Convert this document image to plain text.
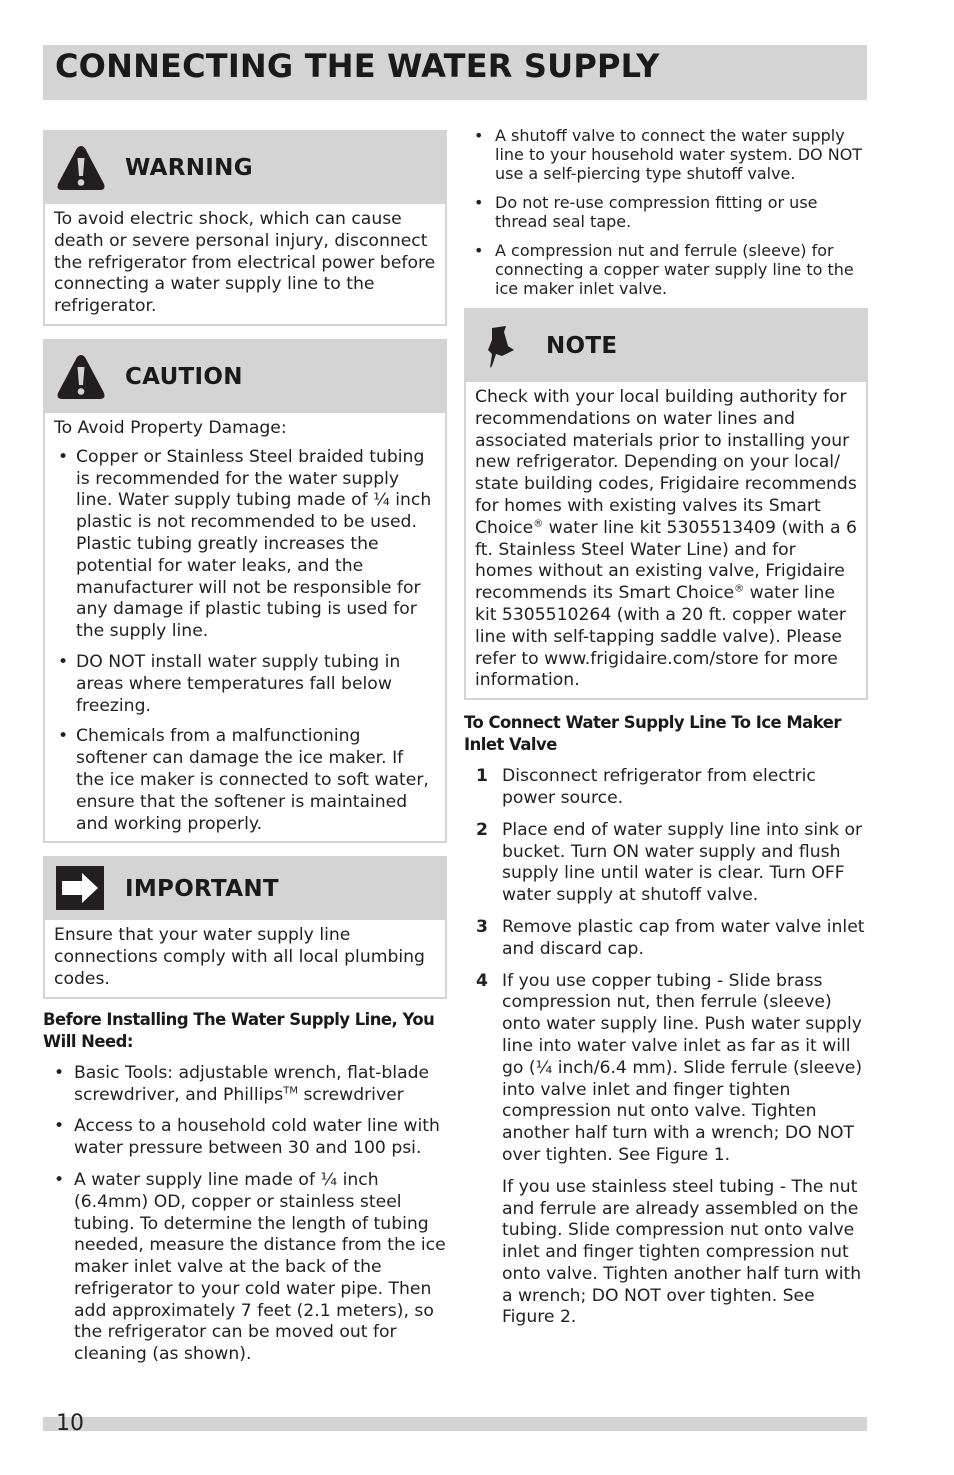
CONNECTING THE WATER SUPPLY
WARNING

To avoid electric shock, which can cause death or severe personal injury, disconnect the refrigerator from electrical power before connecting a water supply line to the refrigerator.

CAUTION

To Avoid Property Damage:

• Copper or Stainless Steel braided tubing is recommended for the water supply line. Water supply tubing made of ¼ inch plastic is not recommended to be used. Plastic tubing greatly increases the potential for water leaks, and the manufacturer will not be responsible for any damage if plastic tubing is used for the supply line.
• DO NOT install water supply tubing in areas where temperatures fall below freezing.
• Chemicals from a malfunctioning softener can damage the ice maker. If the ice maker is connected to soft water, ensure that the softener is maintained and working properly.
IMPORTANT

Ensure that your water supply line connections comply with all local plumbing codes.

Before Installing The Water Supply Line, You Will Need:
• Basic Tools: adjustable wrench, flat-blade screwdriver, and Phillips™ screwdriver
• Access to a household cold water line with water pressure between 30 and 100 psi.
• A water supply line made of ¼ inch (6.4mm) OD, copper or stainless steel tubing. To determine the length of tubing needed, measure the distance from the ice maker inlet valve at the back of the refrigerator to your cold water pipe. Then add approximately 7 feet (2.1 meters), so the refrigerator can be moved out for cleaning (as shown).
• A shutoff valve to connect the water supply line to your household water system. DO NOT use a self-piercing type shutoff valve.
• Do not re-use compression fitting or use thread seal tape.
• A compression nut and ferrule (sleeve) for connecting a copper water supply line to the ice maker inlet valve.
NOTE

Check with your local building authority for recommendations on water lines and associated materials prior to installing your new refrigerator. Depending on your local/ state building codes, Frigidaire recommends for homes with existing valves its Smart Choice® water line kit 5305513409 (with a 6 ft. Stainless Steel Water Line) and for homes without an existing valve, Frigidaire recommends its Smart Choice® water line kit 5305510264 (with a 20 ft. copper water line with self-tapping saddle valve). Please refer to www.frigidaire.com/store for more information.

To Connect Water Supply Line To Ice Maker Inlet Valve
1 Disconnect refrigerator from electric power source.

2 Place end of water supply line into sink or bucket. Turn ON water supply and flush supply line until water is clear. Turn OFF water supply at shutoff valve.

3 Remove plastic cap from water valve inlet and discard cap.

4 If you use copper tubing - Slide brass compression nut, then ferrule (sleeve) onto water supply line. Push water supply line into water valve inlet as far as it will go (¼ inch/6.4 mm). Slide ferrule (sleeve) into valve inlet and finger tighten compression nut onto valve. Tighten another half turn with a wrench; DO NOT over tighten. See Figure 1.

If you use stainless steel tubing - The nut and ferrule are already assembled on the tubing. Slide compression nut onto valve inlet and finger tighten compression nut onto valve. Tighten another half turn with a wrench; DO NOT over tighten. See Figure 2.

10
